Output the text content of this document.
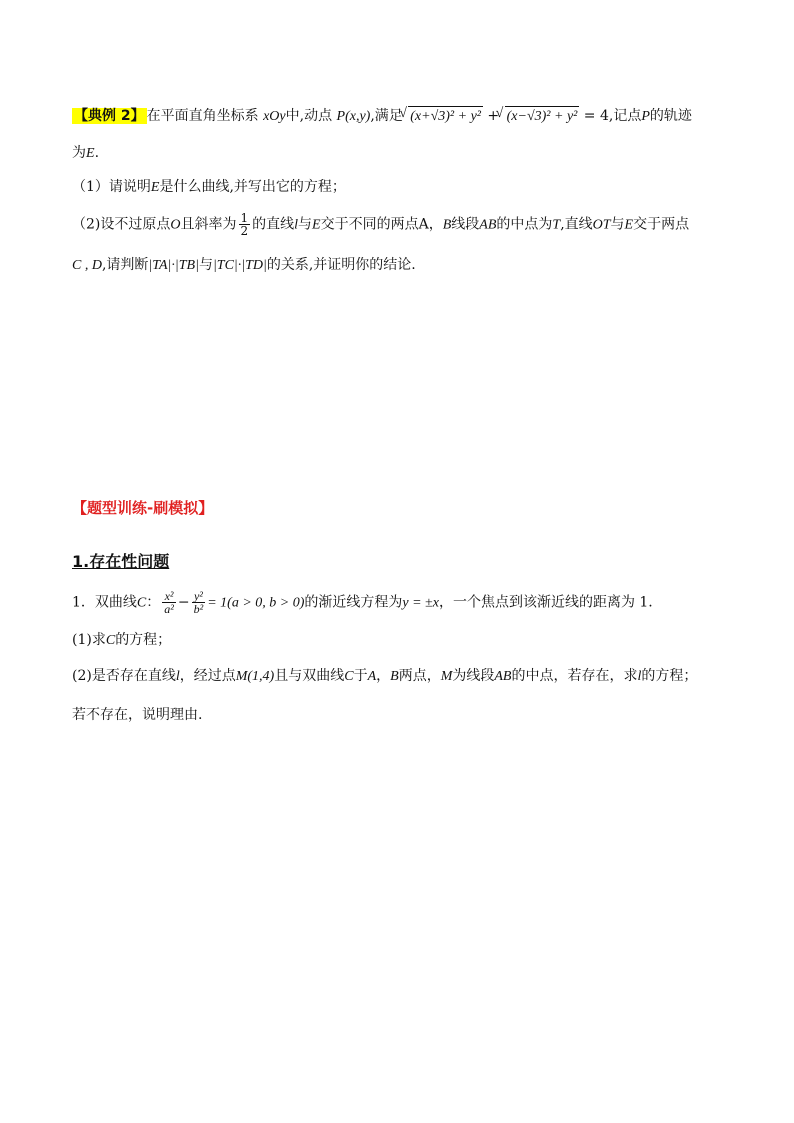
【典例 2】 在平面直角坐标系 xOy中,动点 P(x,y),满足 √ (x+√3)² + y² + √ (x−√3)² + y² = 4,记点P的轨迹
为E.
（1）请说明E是什么曲线,并写出它的方程；
（2)设不过原点O且斜率为 $\frac{1}{2}$ 的直线l与E交于不同的两点A，B线段AB的中点为T,直线OT与E交于两点
C , D,请判断|TA|·|TB|与|TC|·|TD|的关系,并证明你的结论.
【题型训练-刷模拟】
1.存在性问题
1．双曲线C： $\frac{\text{x²}}{\text{a²}} - \frac{\text{y²}}{\text{b²}} = 1(a > 0$, b > 0)的渐近线方程为y = ±x，一个焦点到该渐近线的距离为 1.
(1)求C的方程；
(2)是否存在直线l，经过点M(1,4)且与双曲线C于A，B两点，M为线段AB的中点，若存在，求l的方程；
若不存在，说明理由.
